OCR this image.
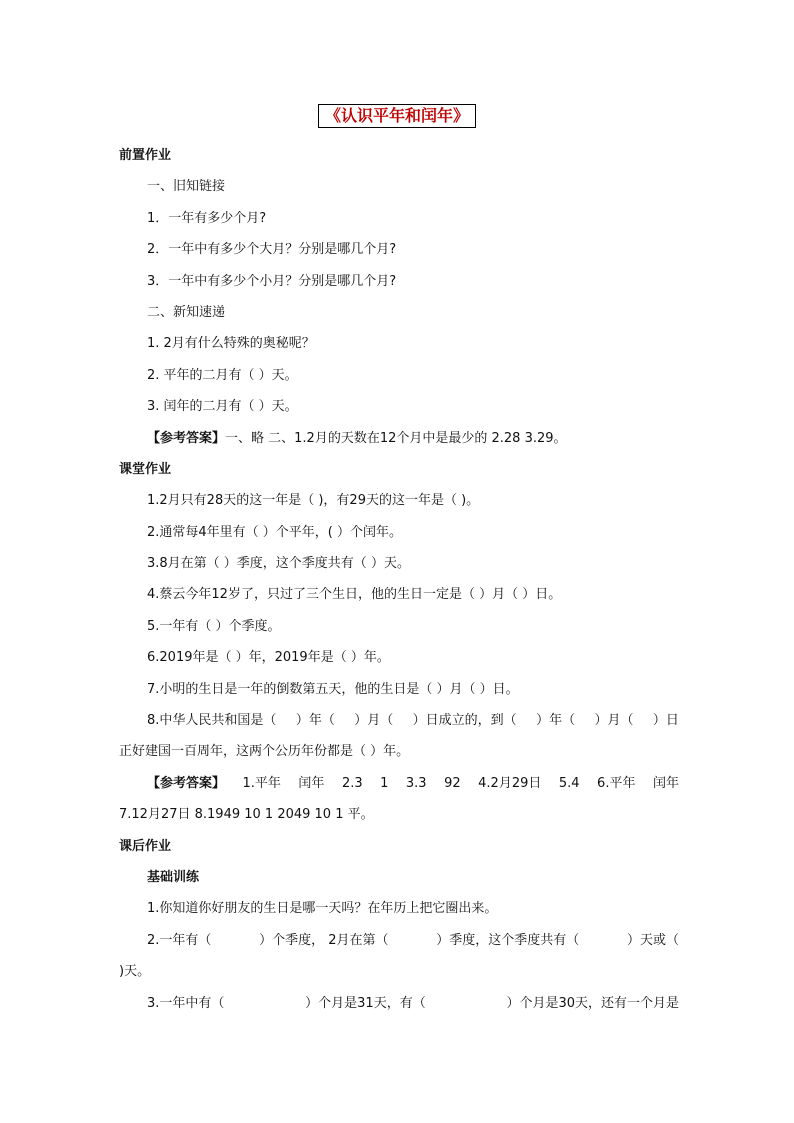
《认识平年和闰年》
前置作业
一、旧知链接
1．一年有多少个月?
2．一年中有多少个大月？分别是哪几个月?
3．一年中有多少个小月？分别是哪几个月?
二、新知速递
1. 2月有什么特殊的奥秘呢？
2. 平年的二月有（ ）天。
3. 闰年的二月有（ ）天。
【参考答案】一、略 二、1.2月的天数在12个月中是最少的 2.28 3.29。
课堂作业
1.2月只有28天的这一年是（ )，有29天的这一年是（ )。
2.通常每4年里有（ ）个平年，( ）个闰年。
3.8月在第（ ）季度，这个季度共有（ ）天。
4.蔡云今年12岁了，只过了三个生日，他的生日一定是（ ）月（ ）日。
5.一年有（ ）个季度。
6.2019年是（ ）年，2019年是（ ）年。
7.小明的生日是一年的倒数第五天，他的生日是（ ）月（ ）日。
8.中华人民共和国是（ ）年（ ）月（ ）日成立的，到（ ）年（ ）月（ ）日
正好建国一百周年，这两个公历年份都是（ ）年。
【参考答案】 1.平年 闰年 2.3 1 3.3 92 4.2月29日 5.4 6.平年 闰年
7.12月27日 8.1949 10 1 2049 10 1 平。
课后作业
基础训练
1.你知道你好朋友的生日是哪一天吗？在年历上把它圈出来。
2.一年有（	）个季度， 2月在第（	）季度，这个季度共有（	）天或（
)天。
3.一年中有（	）个月是31天，有（	）个月是30天，还有一个月是
